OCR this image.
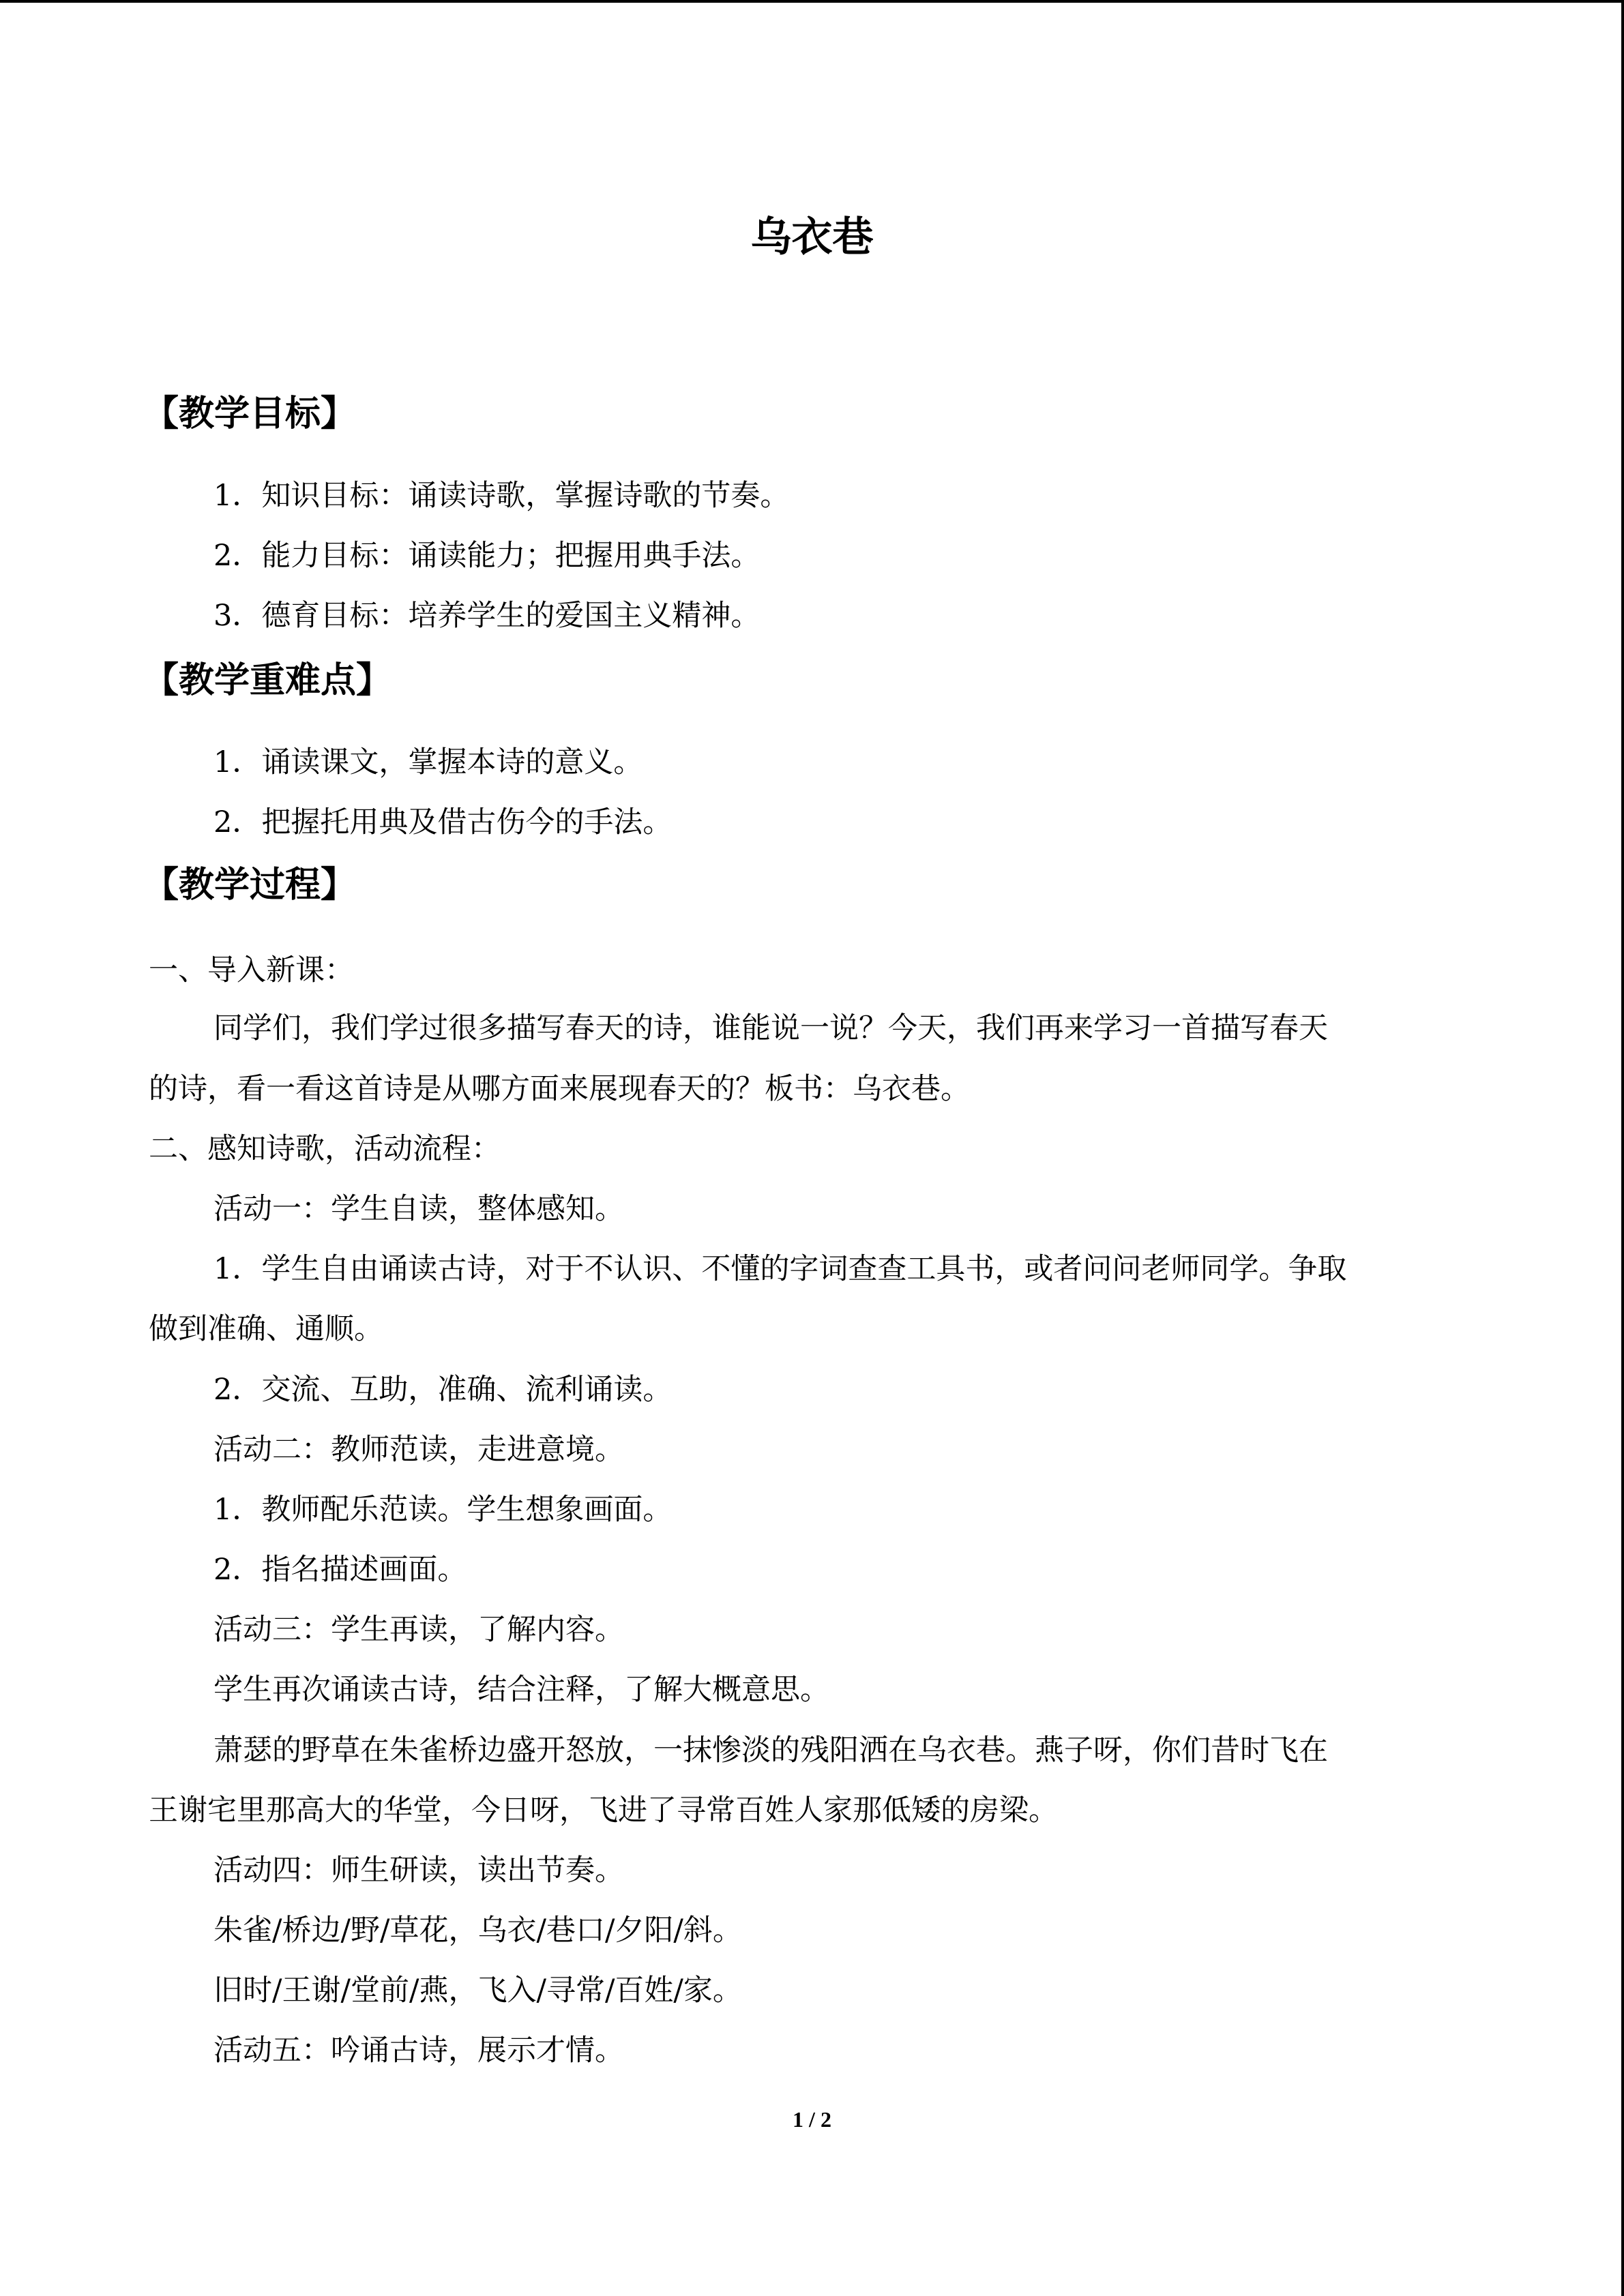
乌衣巷
【教学目标】
1．知识目标：诵读诗歌，掌握诗歌的节奏。
2．能力目标：诵读能力；把握用典手法。
3．德育目标：培养学生的爱国主义精神。
【教学重难点】
1．诵读课文，掌握本诗的意义。
2．把握托用典及借古伤今的手法。
【教学过程】
一、导入新课：
同学们，我们学过很多描写春天的诗，谁能说一说？今天，我们再来学习一首描写春天
的诗，看一看这首诗是从哪方面来展现春天的？板书：乌衣巷。
二、感知诗歌，活动流程：
活动一：学生自读，整体感知。
1．学生自由诵读古诗，对于不认识、不懂的字词查查工具书，或者问问老师同学。争取
做到准确、通顺。
2．交流、互助，准确、流利诵读。
活动二：教师范读，走进意境。
1．教师配乐范读。学生想象画面。
2．指名描述画面。
活动三：学生再读，了解内容。
学生再次诵读古诗，结合注释，了解大概意思。
萧瑟的野草在朱雀桥边盛开怒放，一抹惨淡的残阳洒在乌衣巷。燕子呀，你们昔时飞在
王谢宅里那高大的华堂，今日呀，飞进了寻常百姓人家那低矮的房梁。
活动四：师生研读，读出节奏。
朱雀/桥边/野/草花，乌衣/巷口/夕阳/斜。
旧时/王谢/堂前/燕，飞入/寻常/百姓/家。
活动五：吟诵古诗，展示才情。
1 / 2
